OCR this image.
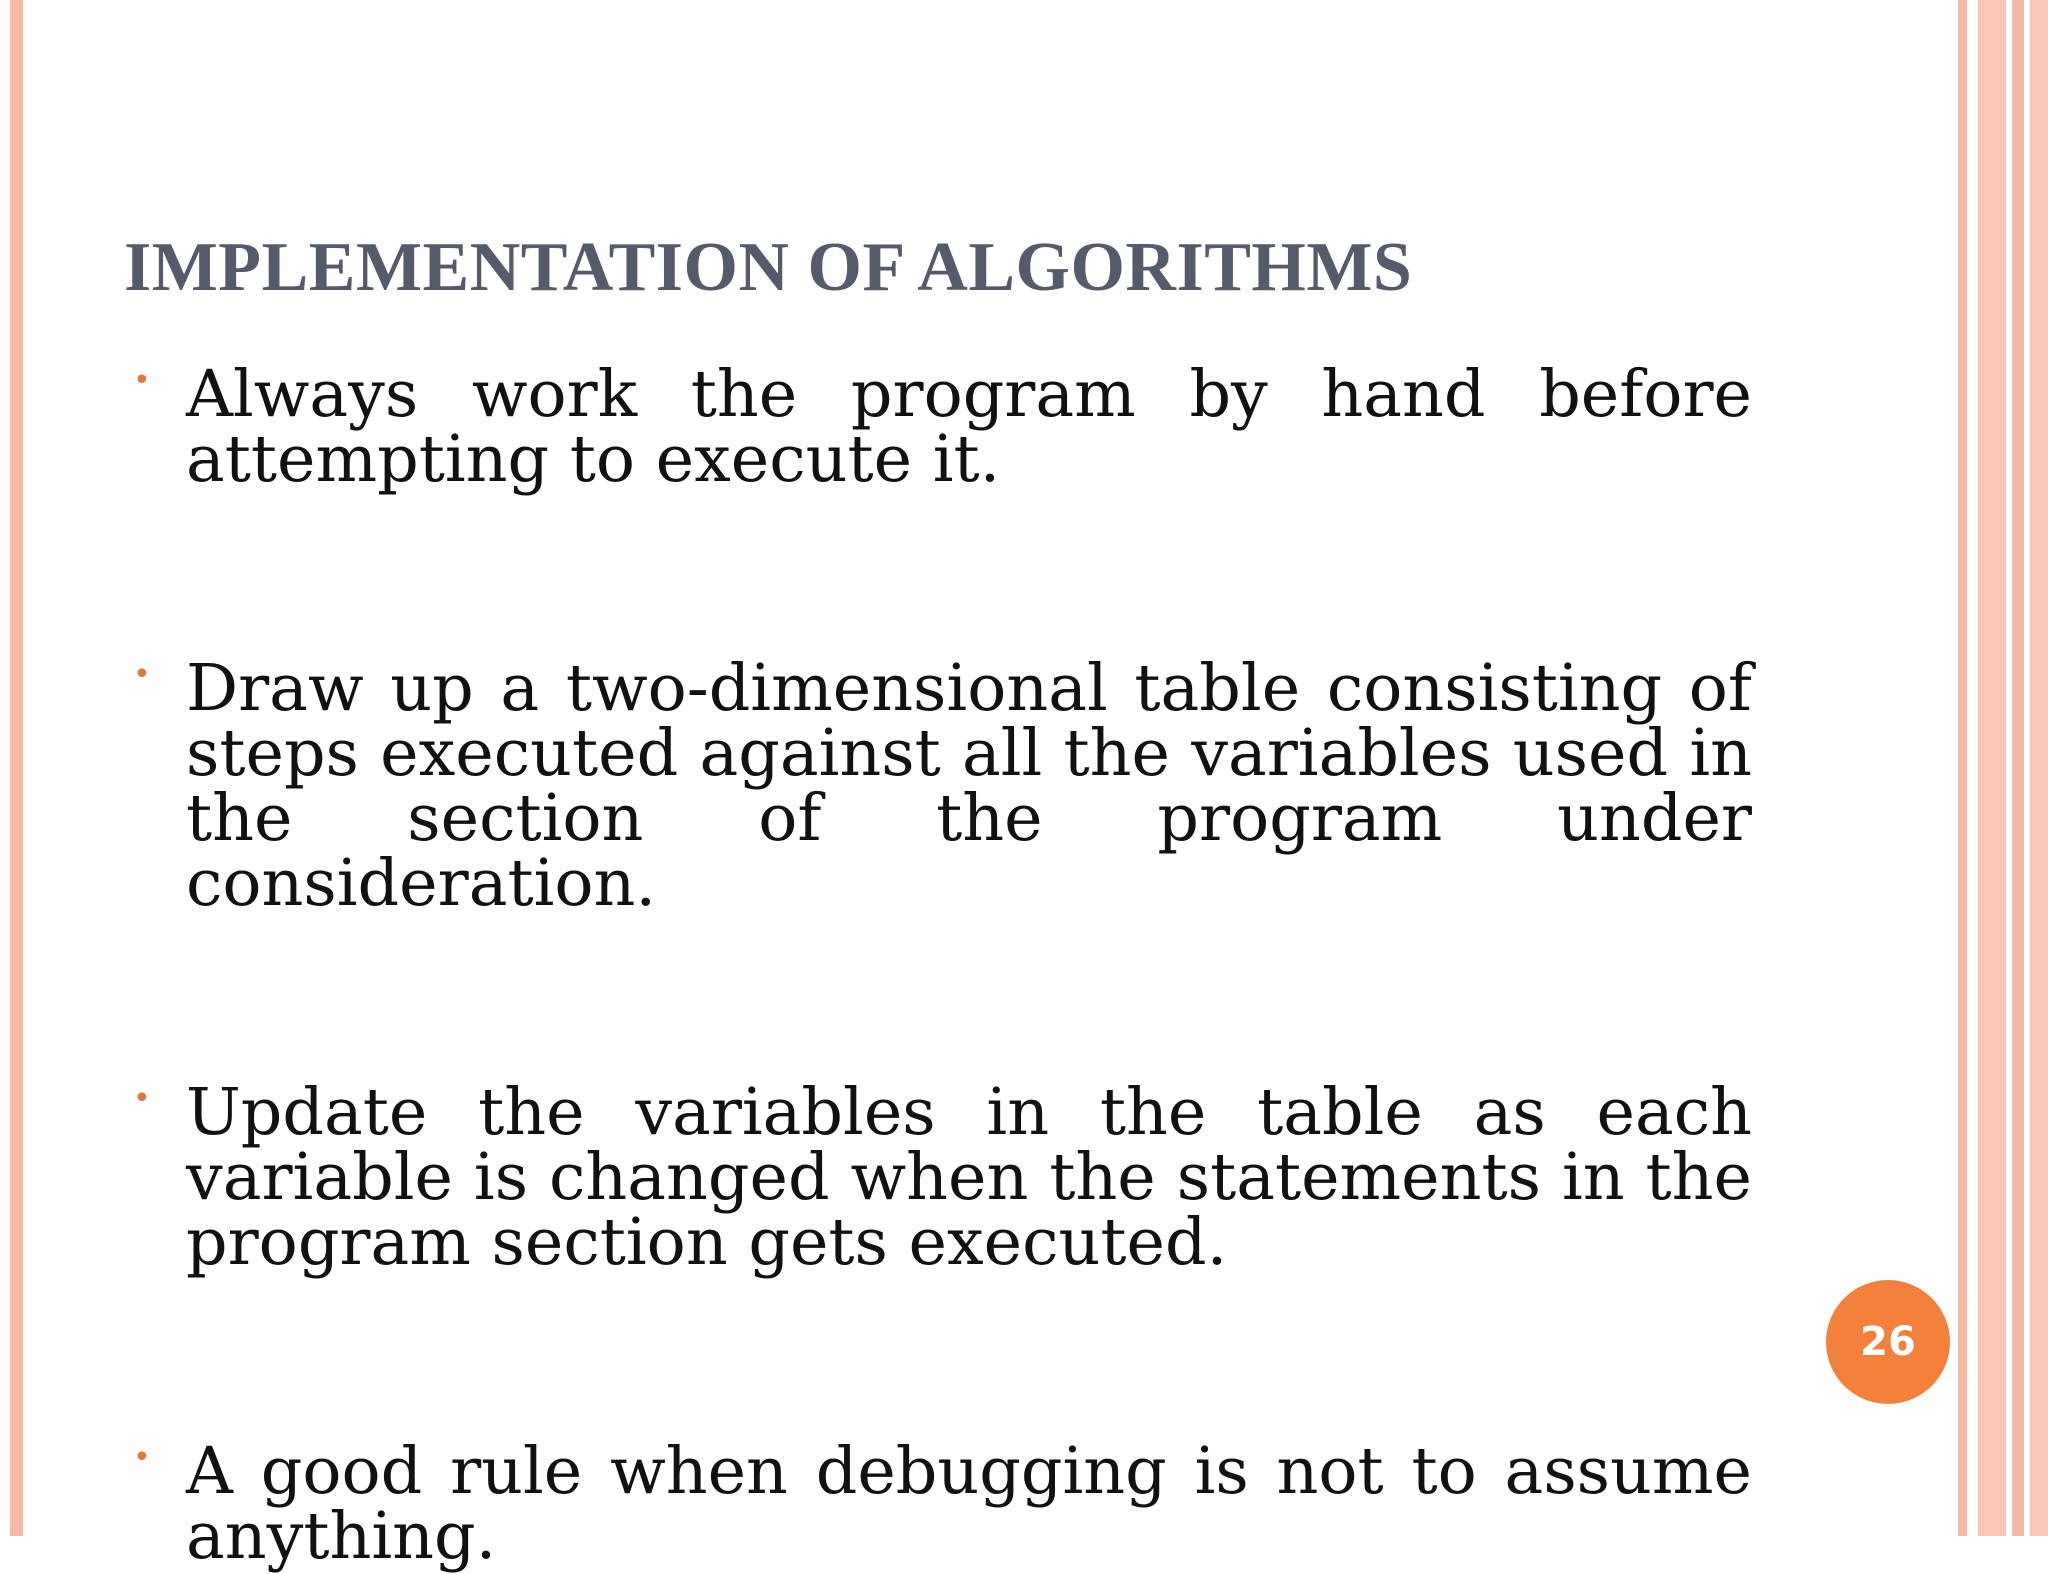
IMPLEMENTATION OF ALGORITHMS
• Always work the program by hand before attempting to execute it.
• Draw up a two-dimensional table consisting of steps executed against all the variables used in the section of the program under consideration.
• Update the variables in the table as each variable is changed when the statements in the program section gets executed.
• A good rule when debugging is not to assume anything.
26
